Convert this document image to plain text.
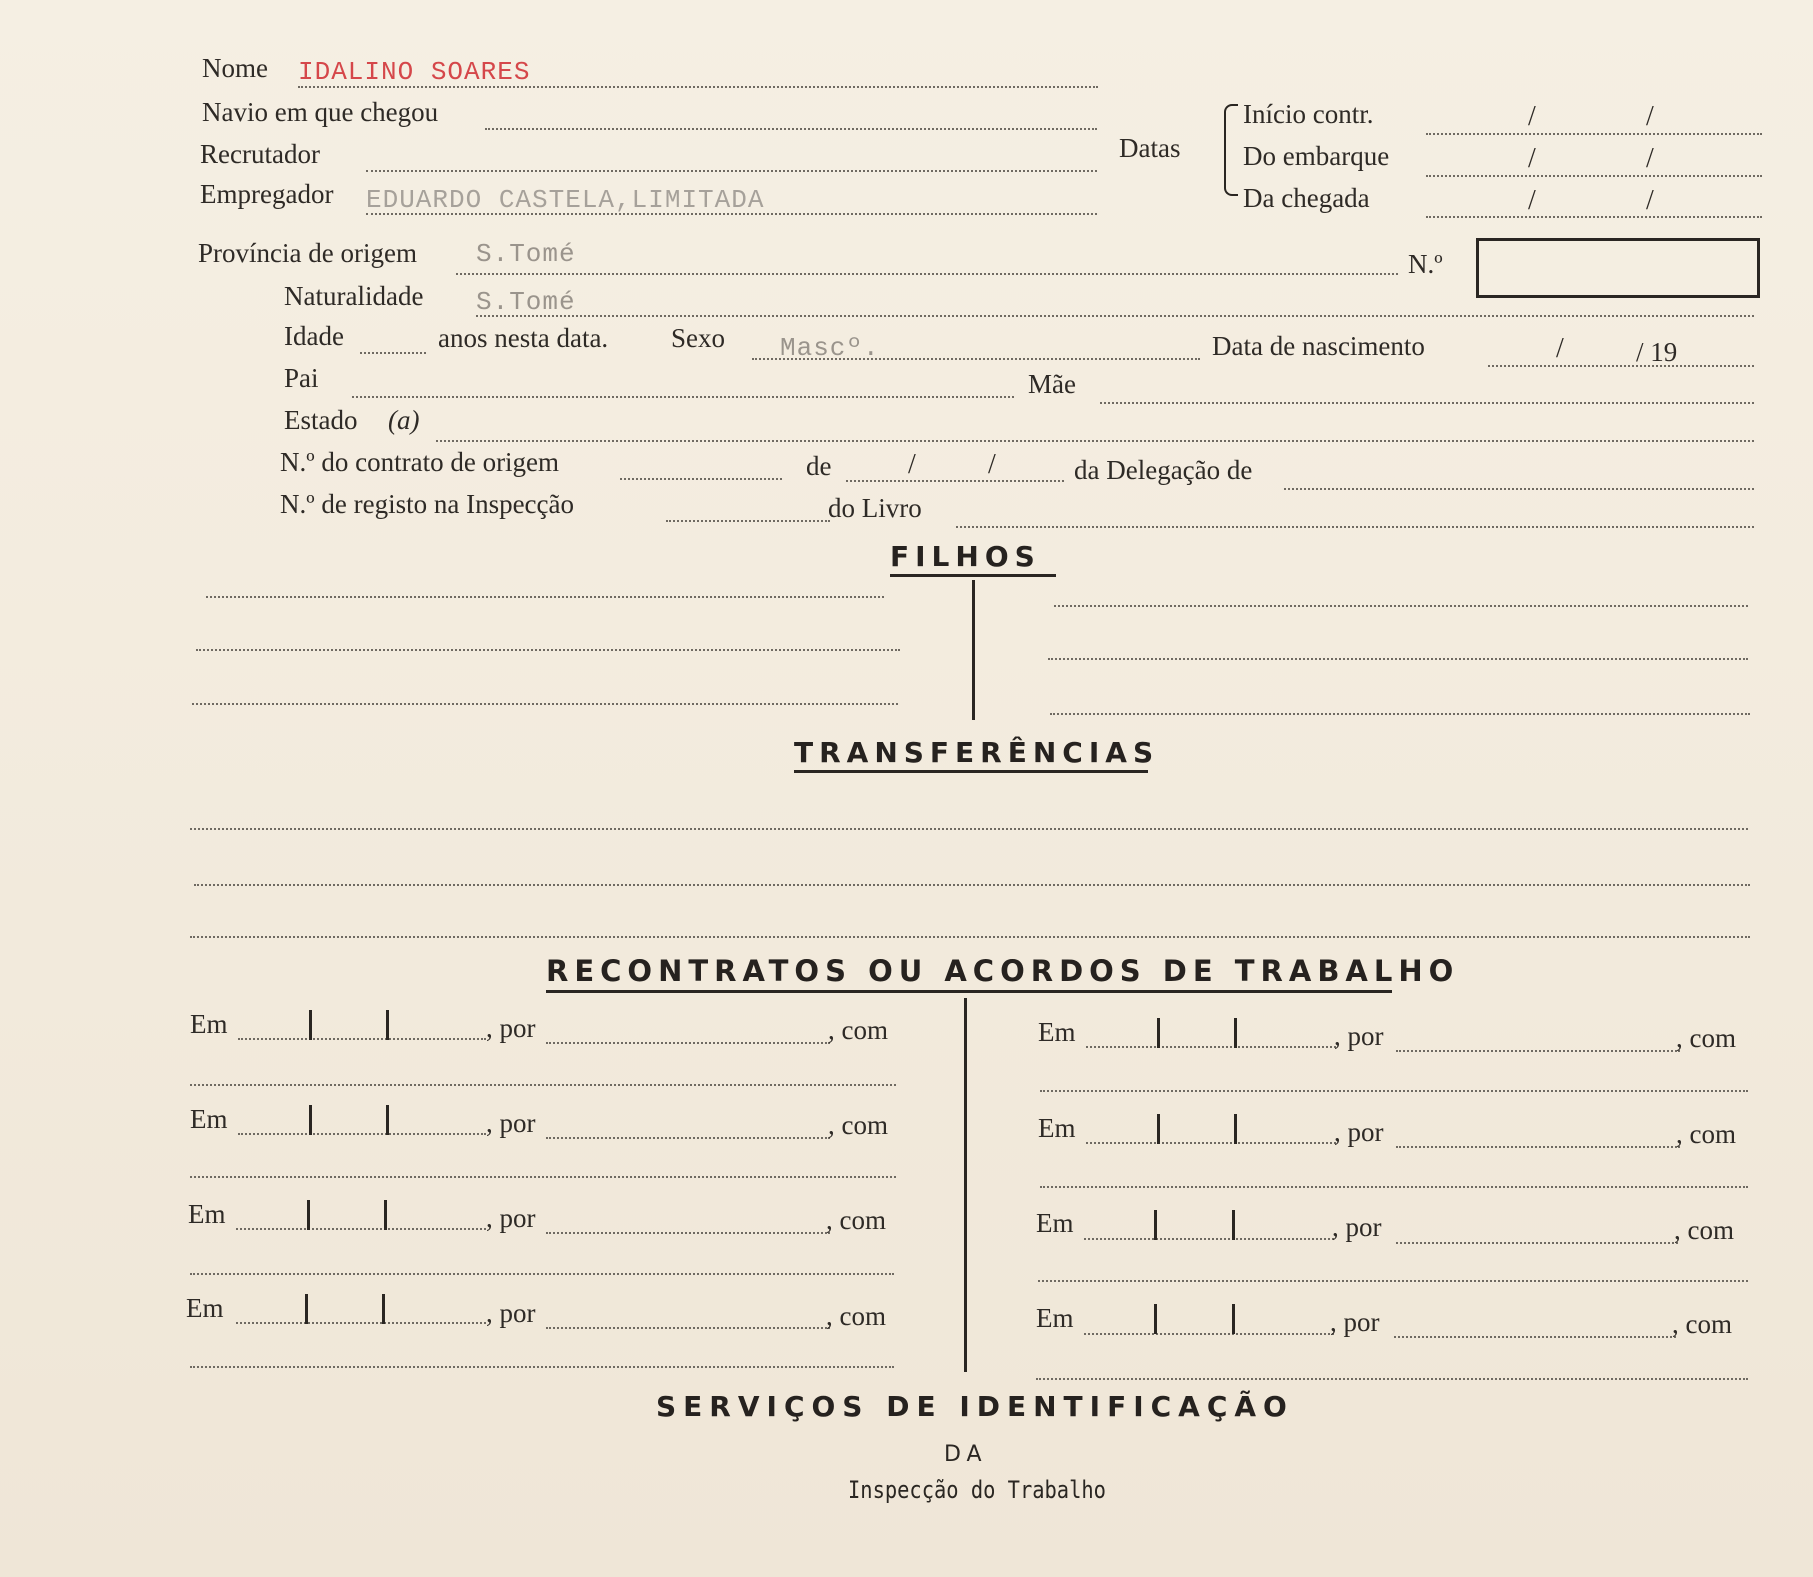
Nome IDALINO SOARES
Navio em que chegou
Recrutador
Empregador EDUARDO CASTELA,LIMITADA
Datas
Início contr.	/	/
Do embarque	/	/
Da chegada	/	/
Província de origem S.Tomé	N.º
Naturalidade S.Tomé
Idade	anos nesta data. Sexo Mascº.	Data de nascimento	/	/ 19
Pai	Mãe
Estado (a)
N.º do contrato de origem	de	/	/	da Delegação de
N.º de registo na Inspecção	do Livro
FILHOS
TRANSFERÊNCIAS
RECONTRATOS OU ACORDOS DE TRABALHO
Em	, por	, com
Em	, por	, com
Em	, por	, com
Em	, por	, com
Em	, por	, com
Em	, por	, com
Em	, por	, com
Em	, por	, com
SERVIÇOS DE IDENTIFICAÇÃO
DA
Inspecção do Trabalho
